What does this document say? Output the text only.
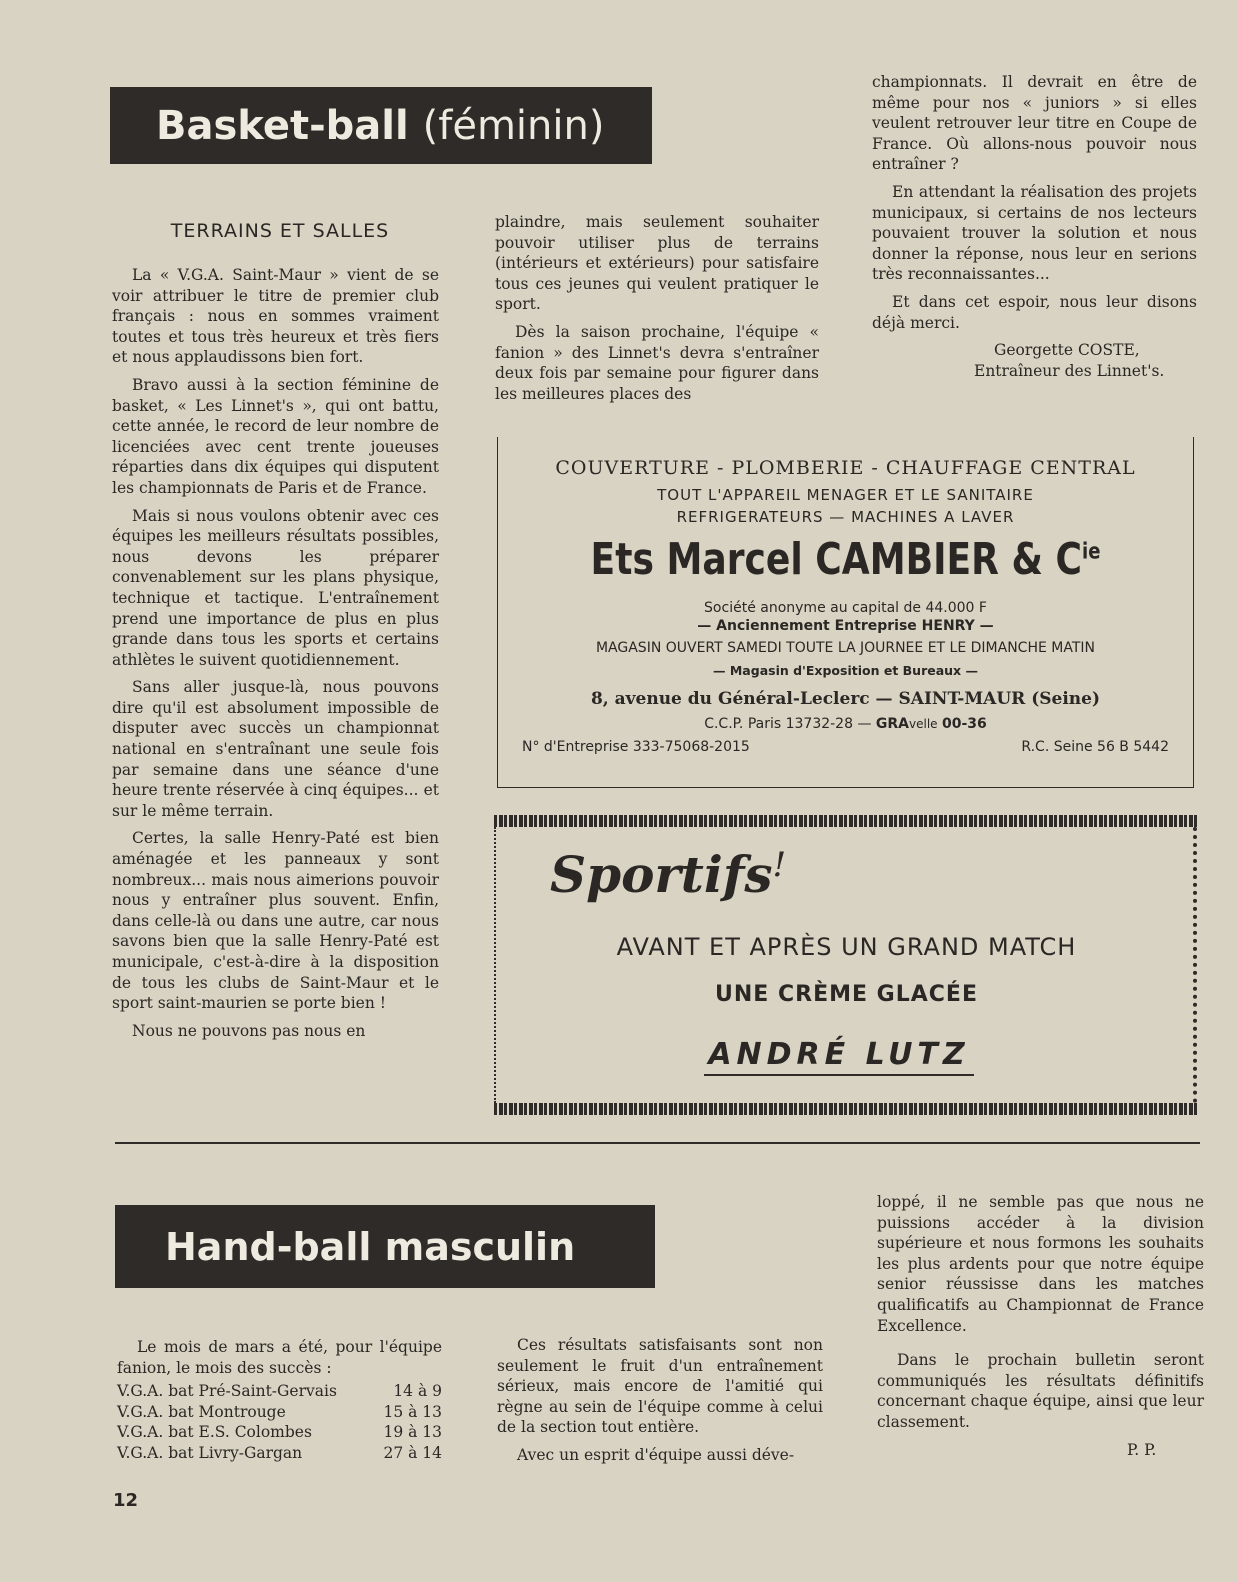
Basket-ball (féminin)
TERRAINS ET SALLES

La « V.G.A. Saint-Maur » vient de se voir attribuer le titre de premier club français : nous en sommes vraiment toutes et tous très heureux et très fiers et nous applaudissons bien fort.

Bravo aussi à la section féminine de basket, « Les Linnet's », qui ont battu, cette année, le record de leur nombre de licenciées avec cent trente joueuses réparties dans dix équipes qui disputent les championnats de Paris et de France.

Mais si nous voulons obtenir avec ces équipes les meilleurs résultats possibles, nous devons les préparer convenablement sur les plans physique, technique et tactique. L'entraînement prend une importance de plus en plus grande dans tous les sports et certains athlètes le suivent quotidiennement.

Sans aller jusque-là, nous pouvons dire qu'il est absolument impossible de disputer avec succès un championnat national en s'entraînant une seule fois par semaine dans une séance d'une heure trente réservée à cinq équipes... et sur le même terrain.

Certes, la salle Henry-Paté est bien aménagée et les panneaux y sont nombreux... mais nous aimerions pouvoir nous y entraîner plus souvent. Enfin, dans celle-là ou dans une autre, car nous savons bien que la salle Henry-Paté est municipale, c'est-à-dire à la disposition de tous les clubs de Saint-Maur et le sport saint-maurien se porte bien !

Nous ne pouvons pas nous en

plaindre, mais seulement souhaiter pouvoir utiliser plus de terrains (intérieurs et extérieurs) pour satisfaire tous ces jeunes qui veulent pratiquer le sport.

Dès la saison prochaine, l'équipe « fanion » des Linnet's devra s'entraîner deux fois par semaine pour figurer dans les meilleures places des

championnats. Il devrait en être de même pour nos « juniors » si elles veulent retrouver leur titre en Coupe de France. Où allons-nous pouvoir nous entraîner ?

En attendant la réalisation des projets municipaux, si certains de nos lecteurs pouvaient trouver la solution et nous donner la réponse, nous leur en serions très reconnaissantes...

Et dans cet espoir, nous leur disons déjà merci.

Georgette COSTE,
Entraîneur des Linnet's.
COUVERTURE - PLOMBERIE - CHAUFFAGE CENTRAL
TOUT L'APPAREIL MENAGER ET LE SANITAIRE
REFRIGERATEURS — MACHINES A LAVER
Ets Marcel CAMBIER & $C^{ie}$
Société anonyme au capital de 44.000 F
— Anciennement Entreprise HENRY —
MAGASIN OUVERT SAMEDI TOUTE LA JOURNEE ET LE DIMANCHE MATIN
— Magasin d'Exposition et Bureaux —
8, avenue du Général-Leclerc — SAINT-MAUR (Seine)
C.C.P. Paris 13732-28 — GRAvelle 00-36
N° d'Entreprise 333-75068-2015	R.C. Seine 56 B 5442
Sportifs!
AVANT ET APRÈS UN GRAND MATCH
UNE CRÈME GLACÉE
ANDRÉ LUTZ
Hand-ball masculin

Le mois de mars a été, pour l'équipe fanion, le mois des succès :

V.G.A. bat Pré-Saint-Gervais	14 à 9
V.G.A. bat Montrouge	15 à 13
V.G.A. bat E.S. Colombes	19 à 13
V.G.A. bat Livry-Gargan	27 à 14

Ces résultats satisfaisants sont non seulement le fruit d'un entraînement sérieux, mais encore de l'amitié qui règne au sein de l'équipe comme à celui de la section tout entière.

Avec un esprit d'équipe aussi déve-

loppé, il ne semble pas que nous ne puissions accéder à la division supérieure et nous formons les souhaits les plus ardents pour que notre équipe senior réussisse dans les matches qualificatifs au Championnat de France Excellence.

Dans le prochain bulletin seront communiqués les résultats définitifs concernant chaque équipe, ainsi que leur classement.

P. P.
12
